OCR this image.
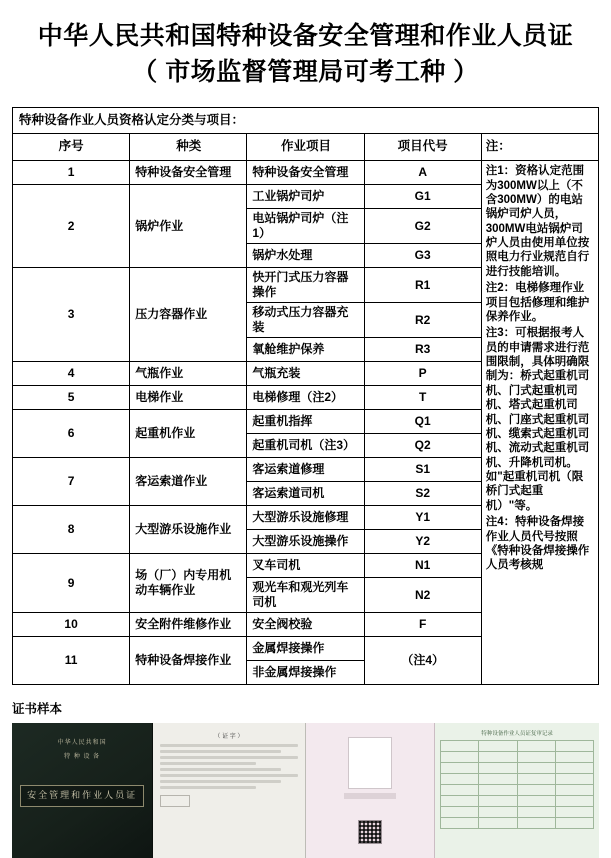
中华人民共和国特种设备安全管理和作业人员证
（ 市场监督管理局可考工种 ）
特种设备作业人员资格认定分类与项目：				
序号	种类	作业项目	项目代号	注：
1	特种设备安全管理	特种设备安全管理	A	注1：资格认定范围为300MW以上（不含300MW）的电站锅炉司炉人员，300MW电站锅炉司炉人员由使用单位按照电力行业规范自行进行技能培训。

注2：电梯修理作业项目包括修理和维护保养作业。

注3：可根据报考人员的申请需求进行范围限制，具体明确限制为：桥式起重机司机、门式起重机司机、塔式起重机司机、门座式起重机司机、缆索式起重机司机、流动式起重机司机、升降机司机。如"起重机司机（限桥门式起重机）"等。

注4：特种设备焊接作业人员代号按照《特种设备焊接操作人员考核规

2	锅炉作业	工业锅炉司炉	G1	
		电站锅炉司炉（注1）	G2	
		锅炉水处理	G3	
3	压力容器作业	快开门式压力容器操作	R1	
		移动式压力容器充装	R2	
		氧舱维护保养	R3	
4	气瓶作业	气瓶充装	P	
5	电梯作业	电梯修理（注2）	T	
6	起重机作业	起重机指挥	Q1	
		起重机司机（注3）	Q2	
7	客运索道作业	客运索道修理	S1	
		客运索道司机	S2	
8	大型游乐设施作业	大型游乐设施修理	Y1	
		大型游乐设施操作	Y2	
9	场（厂）内专用机动车辆作业	叉车司机	N1	
		观光车和观光列车司机	N2	
10	安全附件维修作业	安全阀校验	F	
11	特种设备焊接作业	金属焊接操作	（注4）	
		非金属焊接操作		
证书样本
中华人民共和国
特 种 设 备
安全管理和作业人员证
（ 证 字 ）	特种设备作业人员证复审记录
